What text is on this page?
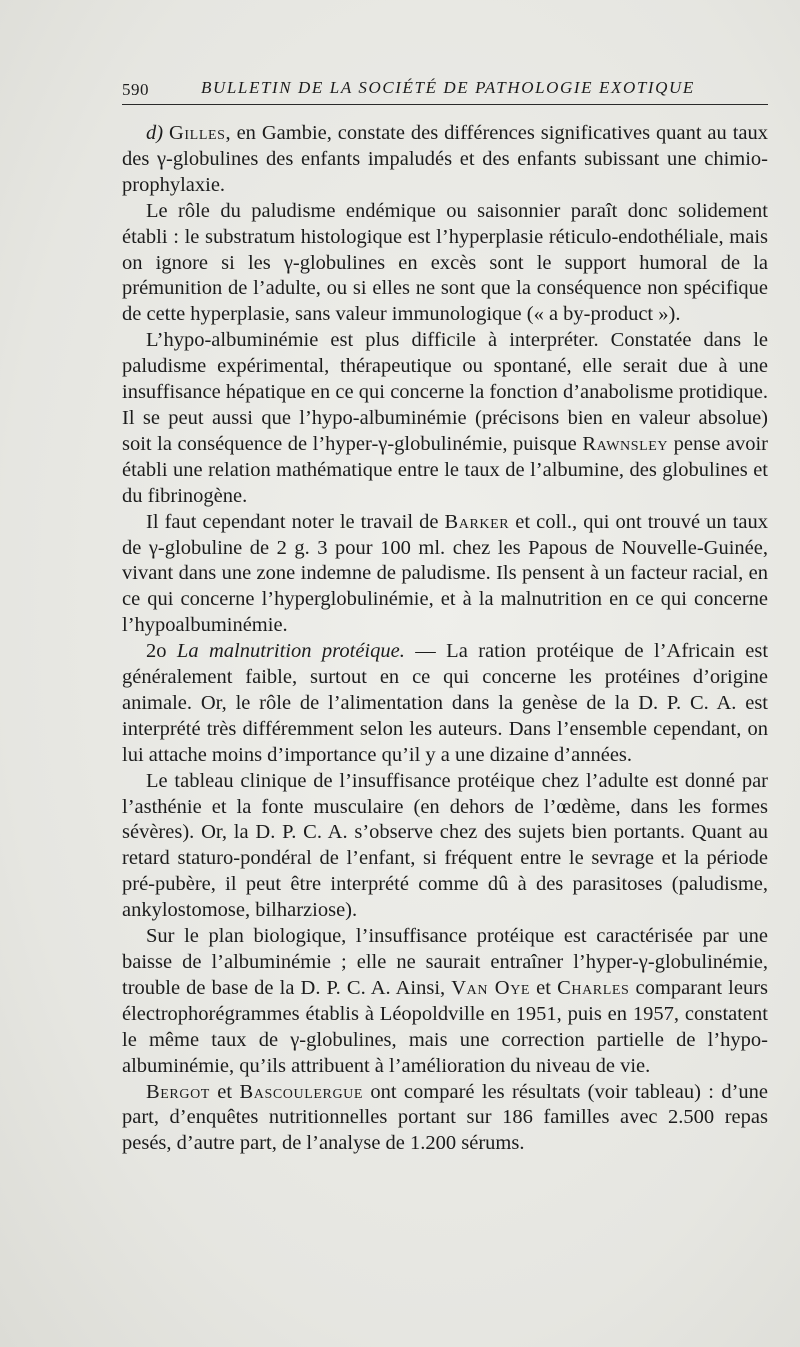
590	BULLETIN DE LA SOCIÉTÉ DE PATHOLOGIE EXOTIQUE

d) Gilles, en Gambie, constate des différences significatives quant au taux des γ-globulines des enfants impaludés et des enfants subissant une chimio-prophylaxie.

Le rôle du paludisme endémique ou saisonnier paraît donc solidement établi : le substratum histologique est l’hyperplasie réticulo-endothéliale, mais on ignore si les γ-globulines en excès sont le support humoral de la prémunition de l’adulte, ou si elles ne sont que la conséquence non spécifique de cette hyperplasie, sans valeur immunologique (« a by-product »).

L’hypo-albuminémie est plus difficile à interpréter. Constatée dans le paludisme expérimental, thérapeutique ou spontané, elle serait due à une insuffisance hépatique en ce qui concerne la fonction d’anabolisme protidique. Il se peut aussi que l’hypo-albuminémie (précisons bien en valeur absolue) soit la conséquence de l’hyper-γ-globulinémie, puisque Rawnsley pense avoir établi une relation mathématique entre le taux de l’albumine, des globulines et du fibrinogène.

Il faut cependant noter le travail de Barker et coll., qui ont trouvé un taux de γ-globuline de 2 g. 3 pour 100 ml. chez les Papous de Nouvelle-Guinée, vivant dans une zone indemne de paludisme. Ils pensent à un facteur racial, en ce qui concerne l’hyperglobulinémie, et à la malnutrition en ce qui concerne l’hypoalbuminémie.

2o La malnutrition protéique. — La ration protéique de l’Africain est généralement faible, surtout en ce qui concerne les protéines d’origine animale. Or, le rôle de l’alimentation dans la genèse de la D. P. C. A. est interprété très différemment selon les auteurs. Dans l’ensemble cependant, on lui attache moins d’importance qu’il y a une dizaine d’années.

Le tableau clinique de l’insuffisance protéique chez l’adulte est donné par l’asthénie et la fonte musculaire (en dehors de l’œdème, dans les formes sévères). Or, la D. P. C. A. s’observe chez des sujets bien portants. Quant au retard staturo-pondéral de l’enfant, si fréquent entre le sevrage et la période pré-pubère, il peut être interprété comme dû à des parasitoses (paludisme, ankylostomose, bilharziose).

Sur le plan biologique, l’insuffisance protéique est caractérisée par une baisse de l’albuminémie ; elle ne saurait entraîner l’hyper-γ-globulinémie, trouble de base de la D. P. C. A. Ainsi, Van Oye et Charles comparant leurs électrophorégrammes établis à Léopoldville en 1951, puis en 1957, constatent le même taux de γ-globulines, mais une correction partielle de l’hypo-albuminémie, qu’ils attribuent à l’amélioration du niveau de vie.

Bergot et Bascoulergue ont comparé les résultats (voir tableau) : d’une part, d’enquêtes nutritionnelles portant sur 186 familles avec 2.500 repas pesés, d’autre part, de l’analyse de 1.200 sérums.
